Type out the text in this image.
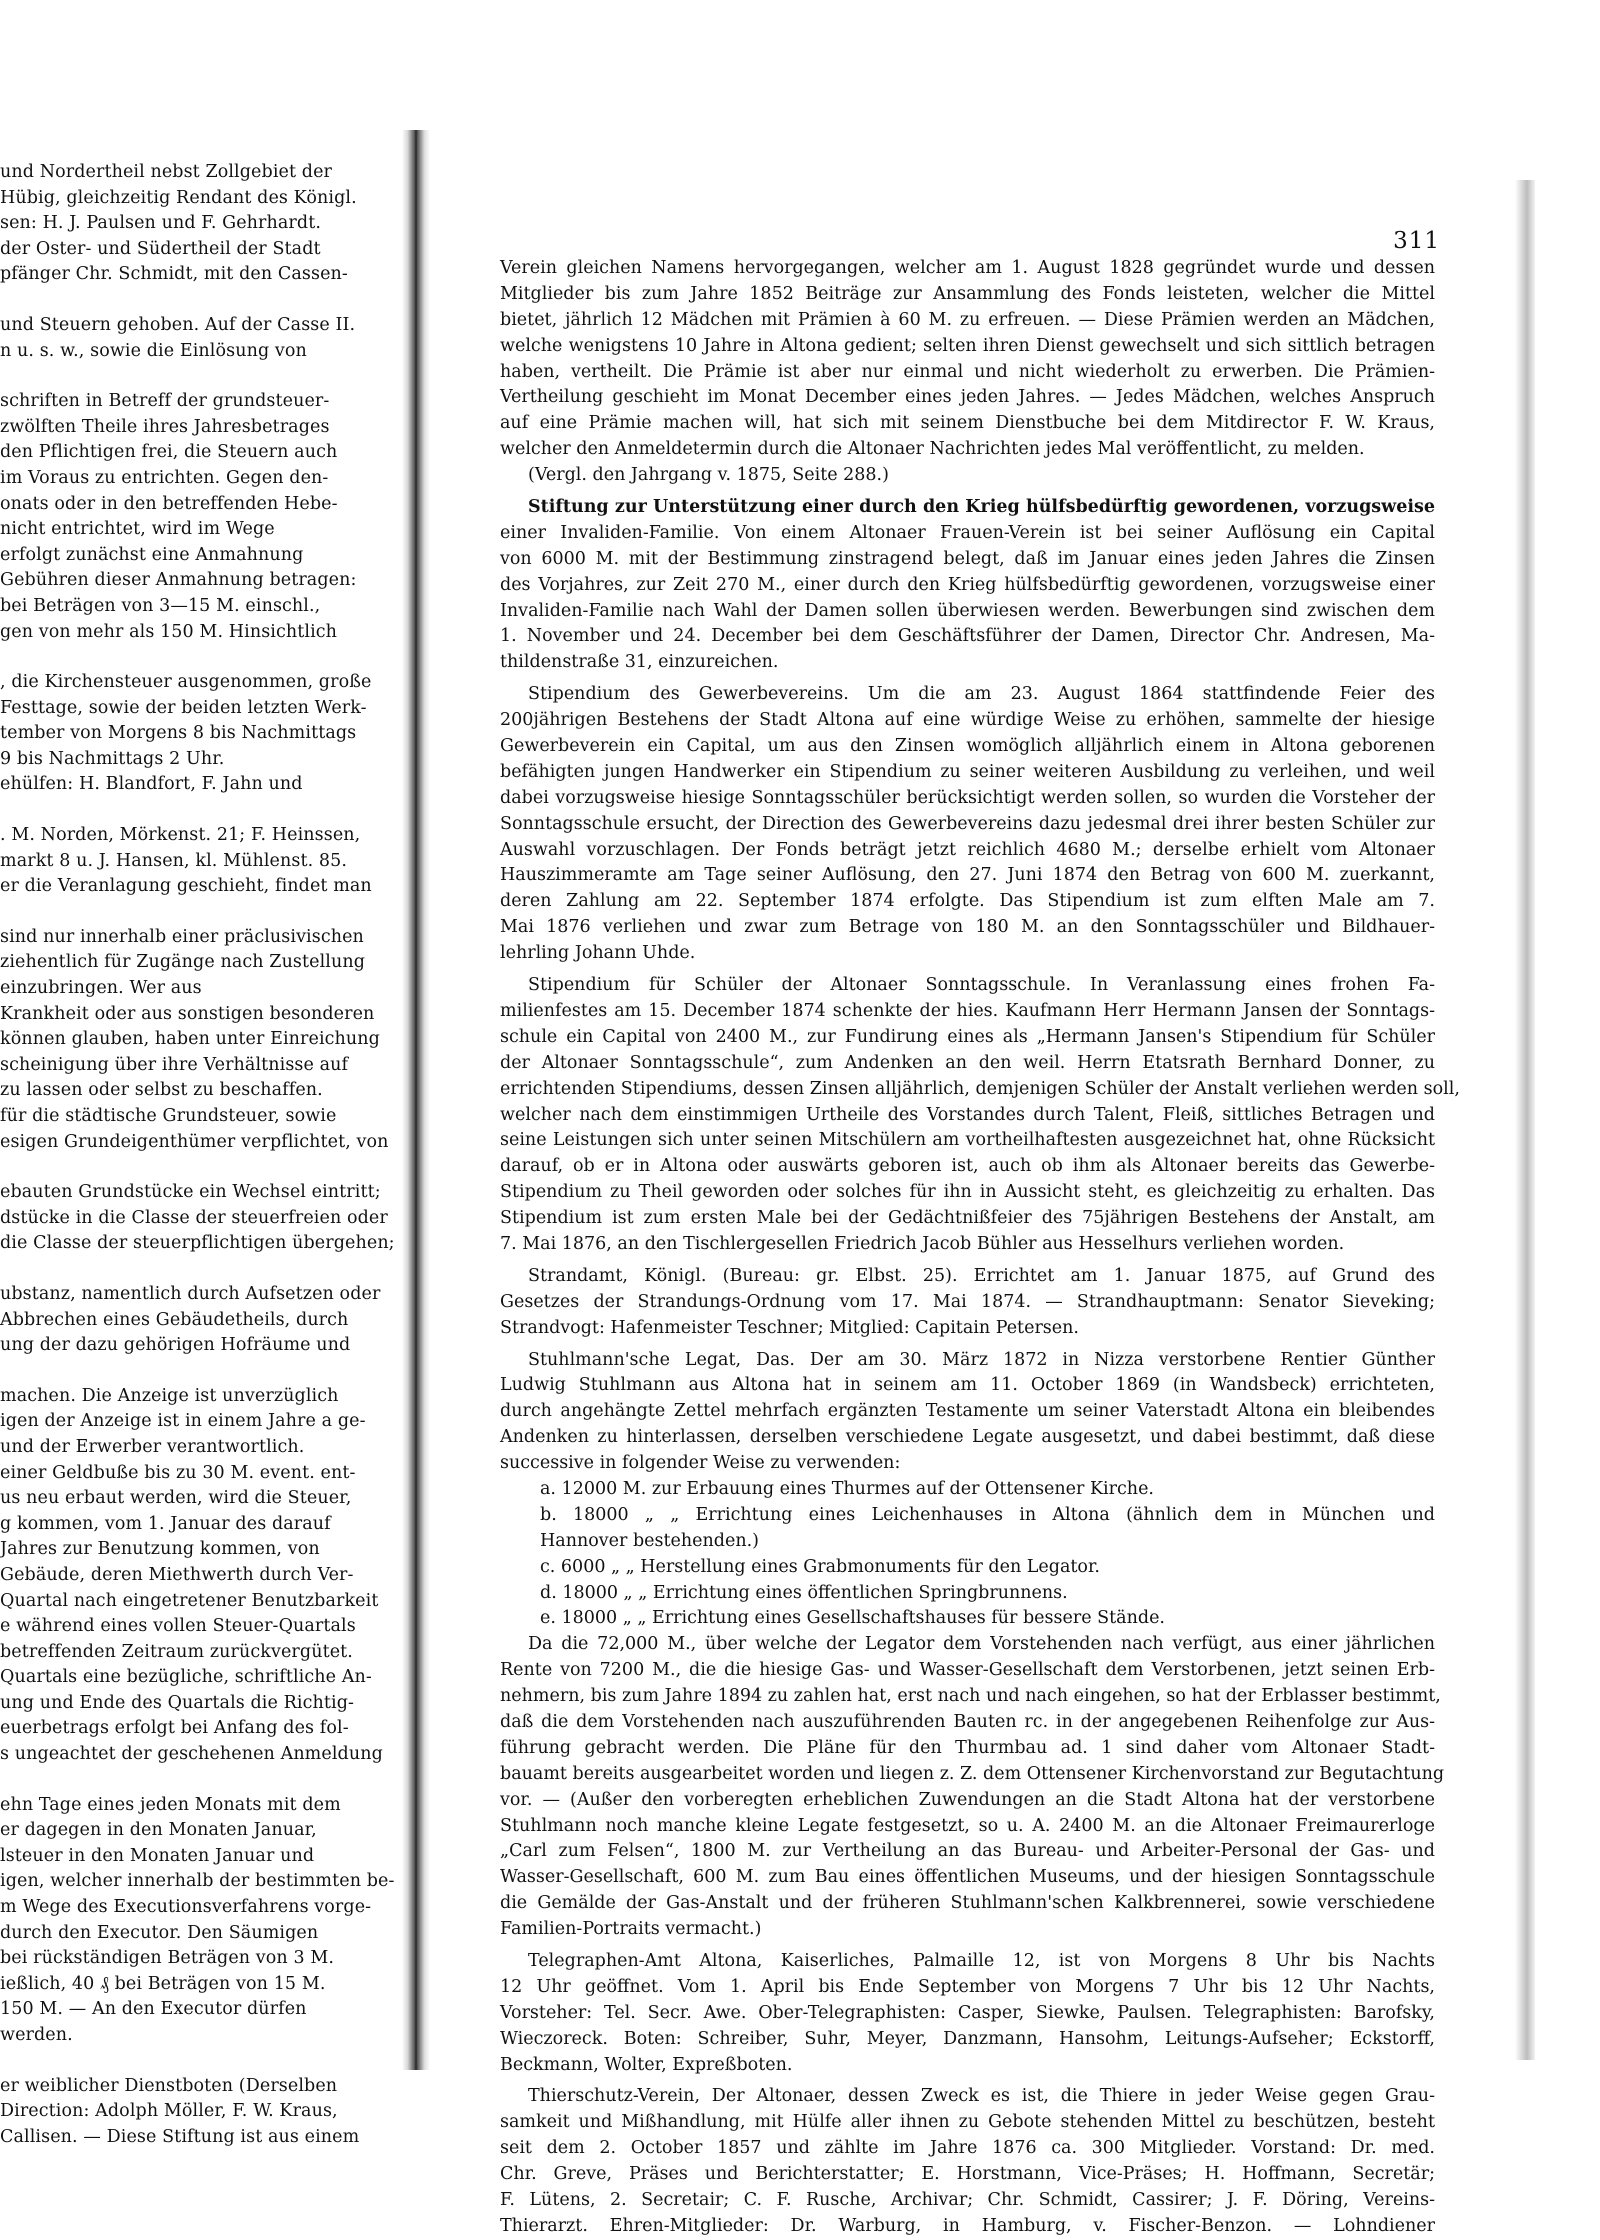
und Nordertheil nebst Zollgebiet der
Hübig, gleichzeitig Rendant des Königl.
sen: H. J. Paulsen und F. Gehrhardt.
der Oster- und Südertheil der Stadt
pfänger Chr. Schmidt, mit den Cassen-
und Steuern gehoben. Auf der Casse II.
n u. s. w., sowie die Einlösung von
schriften in Betreff der grundsteuer-
zwölften Theile ihres Jahresbetrages
den Pflichtigen frei, die Steuern auch
im Voraus zu entrichten. Gegen den-
onats oder in den betreffenden Hebe-
nicht entrichtet, wird im Wege
erfolgt zunächst eine Anmahnung
Gebühren dieser Anmahnung betragen:
bei Beträgen von 3—15 M. einschl.,
gen von mehr als 150 M. Hinsichtlich
, die Kirchensteuer ausgenommen, große
Festtage, sowie der beiden letzten Werk-
tember von Morgens 8 bis Nachmittags
9 bis Nachmittags 2 Uhr.
ehülfen: H. Blandfort, F. Jahn und
. M. Norden, Mörkenst. 21; F. Heinssen,
markt 8 u. J. Hansen, kl. Mühlenst. 85.
er die Veranlagung geschieht, findet man
sind nur innerhalb einer präclusivischen
ziehentlich für Zugänge nach Zustellung
einzubringen. Wer aus
Krankheit oder aus sonstigen besonderen
können glauben, haben unter Einreichung
scheinigung über ihre Verhältnisse auf
zu lassen oder selbst zu beschaffen.
für die städtische Grundsteuer, sowie
esigen Grundeigenthümer verpflichtet, von
ebauten Grundstücke ein Wechsel eintritt;
dstücke in die Classe der steuerfreien oder
die Classe der steuerpflichtigen übergehen;
ubstanz, namentlich durch Aufsetzen oder
Abbrechen eines Gebäudetheils, durch
ung der dazu gehörigen Hofräume und
machen. Die Anzeige ist unverzüglich
igen der Anzeige ist in einem Jahre a ge-
und der Erwerber verantwortlich.
einer Geldbuße bis zu 30 M. event. ent-
us neu erbaut werden, wird die Steuer,
g kommen, vom 1. Januar des darauf
Jahres zur Benutzung kommen, von
Gebäude, deren Miethwerth durch Ver-
Quartal nach eingetretener Benutzbarkeit
e während eines vollen Steuer-Quartals
betreffenden Zeitraum zurückvergütet.
Quartals eine bezügliche, schriftliche An-
ung und Ende des Quartals die Richtig-
euerbetrags erfolgt bei Anfang des fol-
s ungeachtet der geschehenen Anmeldung
ehn Tage eines jeden Monats mit dem
er dagegen in den Monaten Januar,
lsteuer in den Monaten Januar und
igen, welcher innerhalb der bestimmten be-
m Wege des Executionsverfahrens vorge-
durch den Executor. Den Säumigen
bei rückständigen Beträgen von 3 M.
ießlich, 40 ₰ bei Beträgen von 15 M.
150 M. — An den Executor dürfen
werden.
er weiblicher Dienstboten (Derselben
Direction: Adolph Möller, F. W. Kraus,
Callisen. — Diese Stiftung ist aus einem
311
Verein gleichen Namens hervorgegangen, welcher am 1. August 1828 gegründet wurde und dessen
Mitglieder bis zum Jahre 1852 Beiträge zur Ansammlung des Fonds leisteten, welcher die Mittel
bietet, jährlich 12 Mädchen mit Prämien à 60 M. zu erfreuen. — Diese Prämien werden an Mädchen,
welche wenigstens 10 Jahre in Altona gedient; selten ihren Dienst gewechselt und sich sittlich betragen
haben, vertheilt. Die Prämie ist aber nur einmal und nicht wiederholt zu erwerben. Die Prämien-
Vertheilung geschieht im Monat December eines jeden Jahres. — Jedes Mädchen, welches Anspruch
auf eine Prämie machen will, hat sich mit seinem Dienstbuche bei dem Mitdirector F. W. Kraus,
welcher den Anmeldetermin durch die Altonaer Nachrichten jedes Mal veröffentlicht, zu melden.
(Vergl. den Jahrgang v. 1875, Seite 288.)
Stiftung zur Unterstützung einer durch den Krieg hülfsbedürftig gewordenen, vorzugsweise
einer Invaliden-Familie. Von einem Altonaer Frauen-Verein ist bei seiner Auflösung ein Capital
von 6000 M. mit der Bestimmung zinstragend belegt, daß im Januar eines jeden Jahres die Zinsen
des Vorjahres, zur Zeit 270 M., einer durch den Krieg hülfsbedürftig gewordenen, vorzugsweise einer
Invaliden-Familie nach Wahl der Damen sollen überwiesen werden. Bewerbungen sind zwischen dem
1. November und 24. December bei dem Geschäftsführer der Damen, Director Chr. Andresen, Ma-
thildenstraße 31, einzureichen.
Stipendium des Gewerbevereins. Um die am 23. August 1864 stattfindende Feier des
200jährigen Bestehens der Stadt Altona auf eine würdige Weise zu erhöhen, sammelte der hiesige
Gewerbeverein ein Capital, um aus den Zinsen womöglich alljährlich einem in Altona geborenen
befähigten jungen Handwerker ein Stipendium zu seiner weiteren Ausbildung zu verleihen, und weil
dabei vorzugsweise hiesige Sonntagsschüler berücksichtigt werden sollen, so wurden die Vorsteher der
Sonntagsschule ersucht, der Direction des Gewerbevereins dazu jedesmal drei ihrer besten Schüler zur
Auswahl vorzuschlagen. Der Fonds beträgt jetzt reichlich 4680 M.; derselbe erhielt vom Altonaer
Hauszimmeramte am Tage seiner Auflösung, den 27. Juni 1874 den Betrag von 600 M. zuerkannt,
deren Zahlung am 22. September 1874 erfolgte. Das Stipendium ist zum elften Male am 7.
Mai 1876 verliehen und zwar zum Betrage von 180 M. an den Sonntagsschüler und Bildhauer-
lehrling Johann Uhde.
Stipendium für Schüler der Altonaer Sonntagsschule. In Veranlassung eines frohen Fa-
milienfestes am 15. December 1874 schenkte der hies. Kaufmann Herr Hermann Jansen der Sonntags-
schule ein Capital von 2400 M., zur Fundirung eines als „Hermann Jansen's Stipendium für Schüler
der Altonaer Sonntagsschule“, zum Andenken an den weil. Herrn Etatsrath Bernhard Donner, zu
errichtenden Stipendiums, dessen Zinsen alljährlich, demjenigen Schüler der Anstalt verliehen werden soll,
welcher nach dem einstimmigen Urtheile des Vorstandes durch Talent, Fleiß, sittliches Betragen und
seine Leistungen sich unter seinen Mitschülern am vortheilhaftesten ausgezeichnet hat, ohne Rücksicht
darauf, ob er in Altona oder auswärts geboren ist, auch ob ihm als Altonaer bereits das Gewerbe-
Stipendium zu Theil geworden oder solches für ihn in Aussicht steht, es gleichzeitig zu erhalten. Das
Stipendium ist zum ersten Male bei der Gedächtnißfeier des 75jährigen Bestehens der Anstalt, am
7. Mai 1876, an den Tischlergesellen Friedrich Jacob Bühler aus Hesselhurs verliehen worden.
Strandamt, Königl. (Bureau: gr. Elbst. 25). Errichtet am 1. Januar 1875, auf Grund des
Gesetzes der Strandungs-Ordnung vom 17. Mai 1874. — Strandhauptmann: Senator Sieveking;
Strandvogt: Hafenmeister Teschner; Mitglied: Capitain Petersen.
Stuhlmann'sche Legat, Das. Der am 30. März 1872 in Nizza verstorbene Rentier Günther
Ludwig Stuhlmann aus Altona hat in seinem am 11. October 1869 (in Wandsbeck) errichteten,
durch angehängte Zettel mehrfach ergänzten Testamente um seiner Vaterstadt Altona ein bleibendes
Andenken zu hinterlassen, derselben verschiedene Legate ausgesetzt, und dabei bestimmt, daß diese
successive in folgender Weise zu verwenden:
a. 12000 M. zur Erbauung eines Thurmes auf der Ottensener Kirche.
b. 18000 „ „ Errichtung eines Leichenhauses in Altona (ähnlich dem in München und
Hannover bestehenden.)
c. 6000 „ „ Herstellung eines Grabmonuments für den Legator.
d. 18000 „ „ Errichtung eines öffentlichen Springbrunnens.
e. 18000 „ „ Errichtung eines Gesellschaftshauses für bessere Stände.
Da die 72,000 M., über welche der Legator dem Vorstehenden nach verfügt, aus einer jährlichen
Rente von 7200 M., die die hiesige Gas- und Wasser-Gesellschaft dem Verstorbenen, jetzt seinen Erb-
nehmern, bis zum Jahre 1894 zu zahlen hat, erst nach und nach eingehen, so hat der Erblasser bestimmt,
daß die dem Vorstehenden nach auszuführenden Bauten rc. in der angegebenen Reihenfolge zur Aus-
führung gebracht werden. Die Pläne für den Thurmbau ad. 1 sind daher vom Altonaer Stadt-
bauamt bereits ausgearbeitet worden und liegen z. Z. dem Ottensener Kirchenvorstand zur Begutachtung
vor. — (Außer den vorberegten erheblichen Zuwendungen an die Stadt Altona hat der verstorbene
Stuhlmann noch manche kleine Legate festgesetzt, so u. A. 2400 M. an die Altonaer Freimaurerloge
„Carl zum Felsen“, 1800 M. zur Vertheilung an das Bureau- und Arbeiter-Personal der Gas- und
Wasser-Gesellschaft, 600 M. zum Bau eines öffentlichen Museums, und der hiesigen Sonntagsschule
die Gemälde der Gas-Anstalt und der früheren Stuhlmann'schen Kalkbrennerei, sowie verschiedene
Familien-Portraits vermacht.)
Telegraphen-Amt Altona, Kaiserliches, Palmaille 12, ist von Morgens 8 Uhr bis Nachts
12 Uhr geöffnet. Vom 1. April bis Ende September von Morgens 7 Uhr bis 12 Uhr Nachts,
Vorsteher: Tel. Secr. Awe. Ober-Telegraphisten: Casper, Siewke, Paulsen. Telegraphisten: Barofsky,
Wieczoreck. Boten: Schreiber, Suhr, Meyer, Danzmann, Hansohm, Leitungs-Aufseher; Eckstorff,
Beckmann, Wolter, Expreßboten.
Thierschutz-Verein, Der Altonaer, dessen Zweck es ist, die Thiere in jeder Weise gegen Grau-
samkeit und Mißhandlung, mit Hülfe aller ihnen zu Gebote stehenden Mittel zu beschützen, besteht
seit dem 2. October 1857 und zählte im Jahre 1876 ca. 300 Mitglieder. Vorstand: Dr. med.
Chr. Greve, Präses und Berichterstatter; E. Horstmann, Vice-Präses; H. Hoffmann, Secretär;
F. Lütens, 2. Secretair; C. F. Rusche, Archivar; Chr. Schmidt, Cassirer; J. F. Döring, Vereins-
Thierarzt. Ehren-Mitglieder: Dr. Warburg, in Hamburg, v. Fischer-Benzon. — Lohndiener
